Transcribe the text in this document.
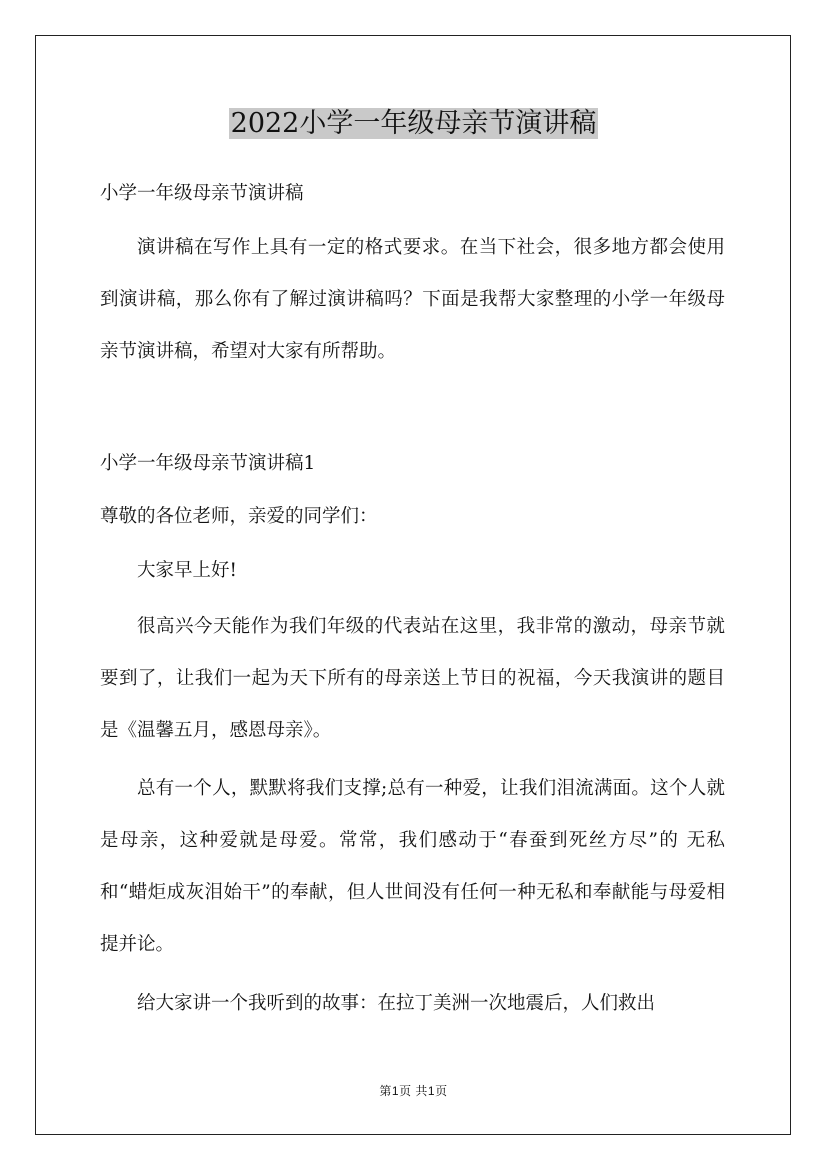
2022小学一年级母亲节演讲稿

小学一年级母亲节演讲稿

演讲稿在写作上具有一定的格式要求。在当下社会，很多地方都会使用到演讲稿，那么你有了解过演讲稿吗？下面是我帮大家整理的小学一年级母亲节演讲稿，希望对大家有所帮助。

小学一年级母亲节演讲稿1

尊敬的各位老师，亲爱的同学们：

大家早上好!

很高兴今天能作为我们年级的代表站在这里，我非常的激动，母亲节就要到了，让我们一起为天下所有的母亲送上节日的祝福，今天我演讲的题目是《温馨五月，感恩母亲》。

总有一个人，默默将我们支撑;总有一种爱，让我们泪流满面。这个人就是母亲，这种爱就是母爱。常常，我们感动于“春蚕到死丝方尽”的 无私和“蜡炬成灰泪始干”的奉献，但人世间没有任何一种无私和奉献能与母爱相提并论。

给大家讲一个我听到的故事：在拉丁美洲一次地震后，人们救出

第1页 共1页
